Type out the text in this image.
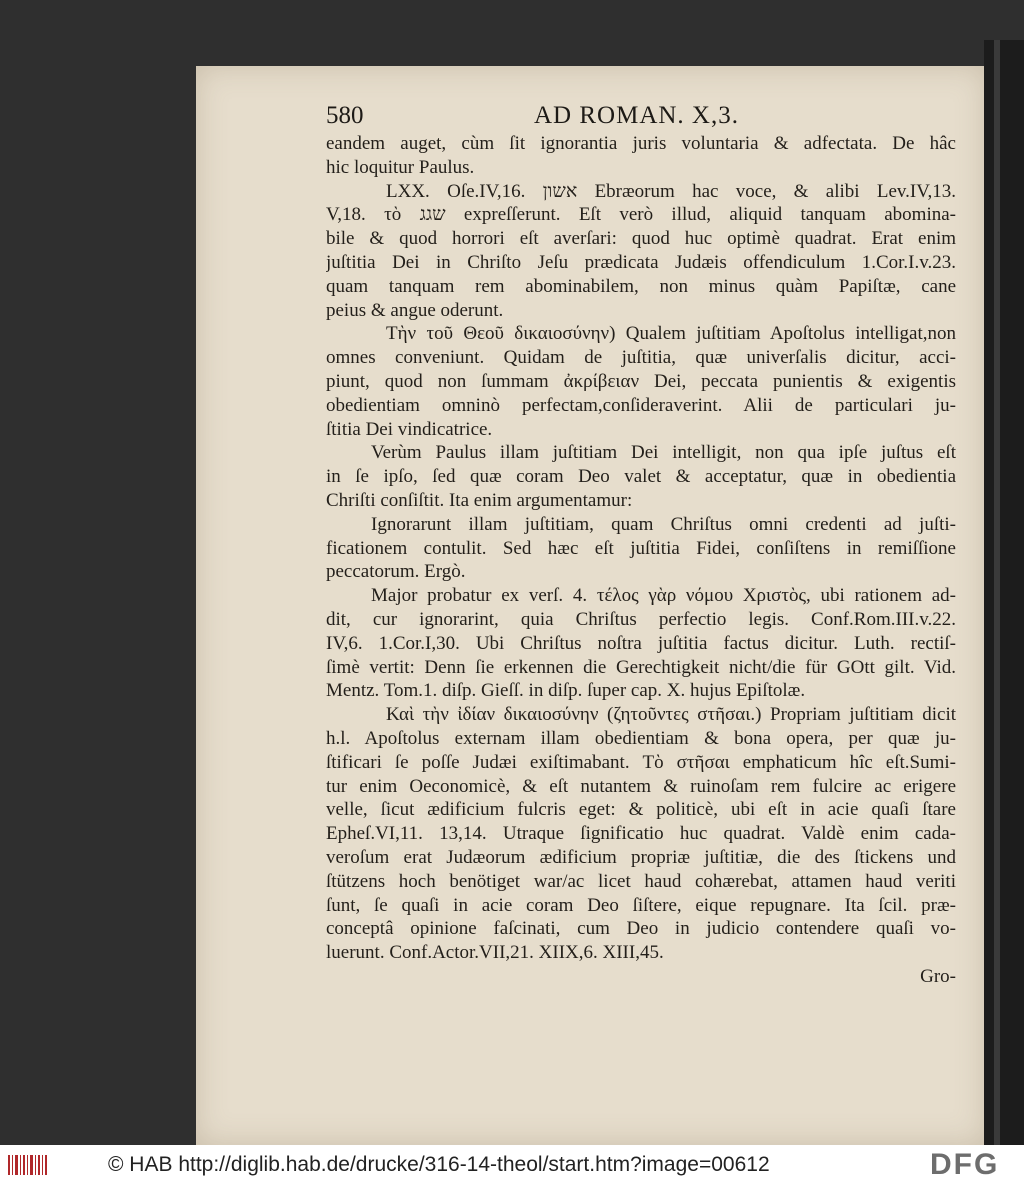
580	AD ROMAN. X,3.
eandem auget, cùm ſit ignorantia juris voluntaria & adfectata. De hâc
hic loquitur Paulus.
LXX. Oſe.IV,16. אשון Ebræorum hac voce, & alibi Lev.IV,13.
V,18. τὸ שגג expreſſerunt. Eſt verò illud, aliquid tanquam abomina-
bile & quod horrori eſt averſari: quod huc optimè quadrat. Erat enim
juſtitia Dei in Chriſto Jeſu prædicata Judæis offendiculum 1.Cor.I.v.23.
quam tanquam rem abominabilem, non minus quàm Papiſtæ, cane
peius & angue oderunt.
Τὴν τοῦ Θεοῦ δικαιοσύνην) Qualem juſtitiam Apoſtolus intelligat,non
omnes conveniunt. Quidam de juſtitia, quæ univerſalis dicitur, acci-
piunt, quod non ſummam ἀκρίβειαν Dei, peccata punientis & exigentis
obedientiam omninò perfectam,conſideraverint. Alii de particulari ju-
ſtitia Dei vindicatrice.
Verùm Paulus illam juſtitiam Dei intelligit, non qua ipſe juſtus eſt
in ſe ipſo, ſed quæ coram Deo valet & acceptatur, quæ in obedientia
Chriſti conſiſtit. Ita enim argumentamur:
Ignorarunt illam juſtitiam, quam Chriſtus omni credenti ad juſti-
ficationem contulit. Sed hæc eſt juſtitia Fidei, conſiſtens in remiſſione
peccatorum. Ergò.
Major probatur ex verſ. 4. τέλος γὰρ νόμου Χριστὸς, ubi rationem ad-
dit, cur ignorarint, quia Chriſtus perfectio legis. Conf.Rom.III.v.22.
IV,6. 1.Cor.I,30. Ubi Chriſtus noſtra juſtitia factus dicitur. Luth. rectiſ-
ſimè vertit: Denn ſie erkennen die Gerechtigkeit nicht/die für GOtt gilt. Vid.
Mentz. Tom.1. diſp. Gieſſ. in diſp. ſuper cap. X. hujus Epiſtolæ.
Καὶ τὴν ἰδίαν δικαιοσύνην (ζητοῦντες στῆσαι.) Propriam juſtitiam dicit
h.l. Apoſtolus externam illam obedientiam & bona opera, per quæ ju-
ſtificari ſe poſſe Judæi exiſtimabant. Τὸ στῆσαι emphaticum hîc eſt.Sumi-
tur enim Oeconomicè, & eſt nutantem & ruinoſam rem fulcire ac erigere
velle, ſicut ædificium fulcris eget: & politicè, ubi eſt in acie quaſi ſtare
Epheſ.VI,11. 13,14. Utraque ſignificatio huc quadrat. Valdè enim cada-
veroſum erat Judæorum ædificium propriæ juſtitiæ, die des ſtickens und
ſtützens hoch benötiget war/ac licet haud cohærebat, attamen haud veriti
ſunt, ſe quaſi in acie coram Deo ſiſtere, eique repugnare. Ita ſcil. præ-
conceptâ opinione faſcinati, cum Deo in judicio contendere quaſi vo-
luerunt. Conf.Actor.VII,21. XIIX,6. XIII,45.
Gro-
© HAB http://diglib.hab.de/drucke/316-14-theol/start.htm?image=00612	DFG
